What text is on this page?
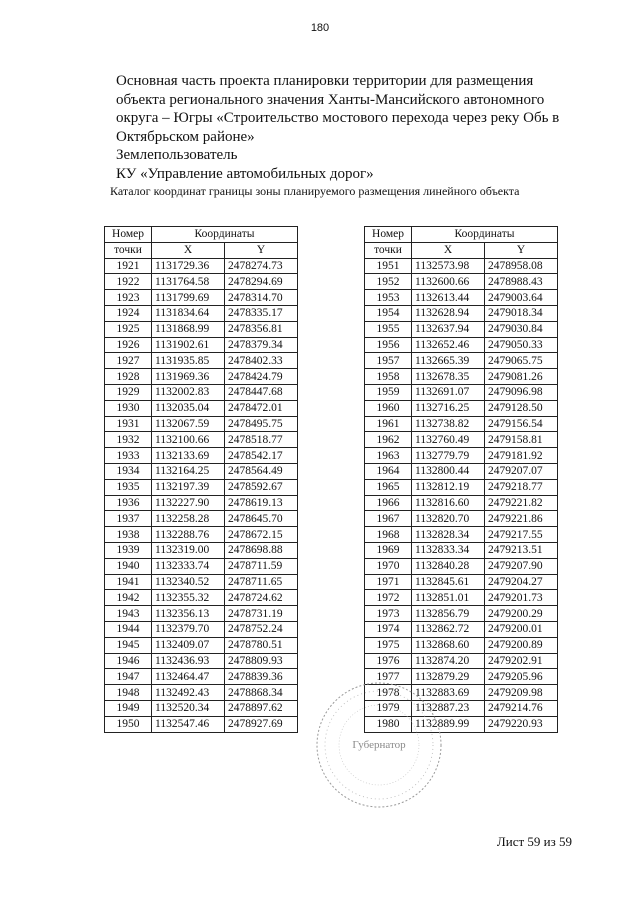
180
Основная часть проекта планировки территории для размещения
объекта регионального значения Ханты-Мансийского автономного
округа – Югры «Строительство мостового перехода через реку Обь в
Октябрьском районе»
Землепользователь
КУ «Управление автомобильных дорог»
Каталог координат границы зоны планируемого размещения линейного объекта
Номер	Координаты	
точки	X	Y
1921	1131729.36	2478274.73
1922	1131764.58	2478294.69
1923	1131799.69	2478314.70
1924	1131834.64	2478335.17
1925	1131868.99	2478356.81
1926	1131902.61	2478379.34
1927	1131935.85	2478402.33
1928	1131969.36	2478424.79
1929	1132002.83	2478447.68
1930	1132035.04	2478472.01
1931	1132067.59	2478495.75
1932	1132100.66	2478518.77
1933	1132133.69	2478542.17
1934	1132164.25	2478564.49
1935	1132197.39	2478592.67
1936	1132227.90	2478619.13
1937	1132258.28	2478645.70
1938	1132288.76	2478672.15
1939	1132319.00	2478698.88
1940	1132333.74	2478711.59
1941	1132340.52	2478711.65
1942	1132355.32	2478724.62
1943	1132356.13	2478731.19
1944	1132379.70	2478752.24
1945	1132409.07	2478780.51
1946	1132436.93	2478809.93
1947	1132464.47	2478839.36
1948	1132492.43	2478868.34
1949	1132520.34	2478897.62
1950	1132547.46	2478927.69
Номер	Координаты	
точки	X	Y
1951	1132573.98	2478958.08
1952	1132600.66	2478988.43
1953	1132613.44	2479003.64
1954	1132628.94	2479018.34
1955	1132637.94	2479030.84
1956	1132652.46	2479050.33
1957	1132665.39	2479065.75
1958	1132678.35	2479081.26
1959	1132691.07	2479096.98
1960	1132716.25	2479128.50
1961	1132738.82	2479156.54
1962	1132760.49	2479158.81
1963	1132779.79	2479181.92
1964	1132800.44	2479207.07
1965	1132812.19	2479218.77
1966	1132816.60	2479221.82
1967	1132820.70	2479221.86
1968	1132828.34	2479217.55
1969	1132833.34	2479213.51
1970	1132840.28	2479207.90
1971	1132845.61	2479204.27
1972	1132851.01	2479201.73
1973	1132856.79	2479200.29
1974	1132862.72	2479200.01
1975	1132868.60	2479200.89
1976	1132874.20	2479202.91
1977	1132879.29	2479205.96
1978	1132883.69	2479209.98
1979	1132887.23	2479214.76
1980	1132889.99	2479220.93
Губернатор
Лист 59 из 59
